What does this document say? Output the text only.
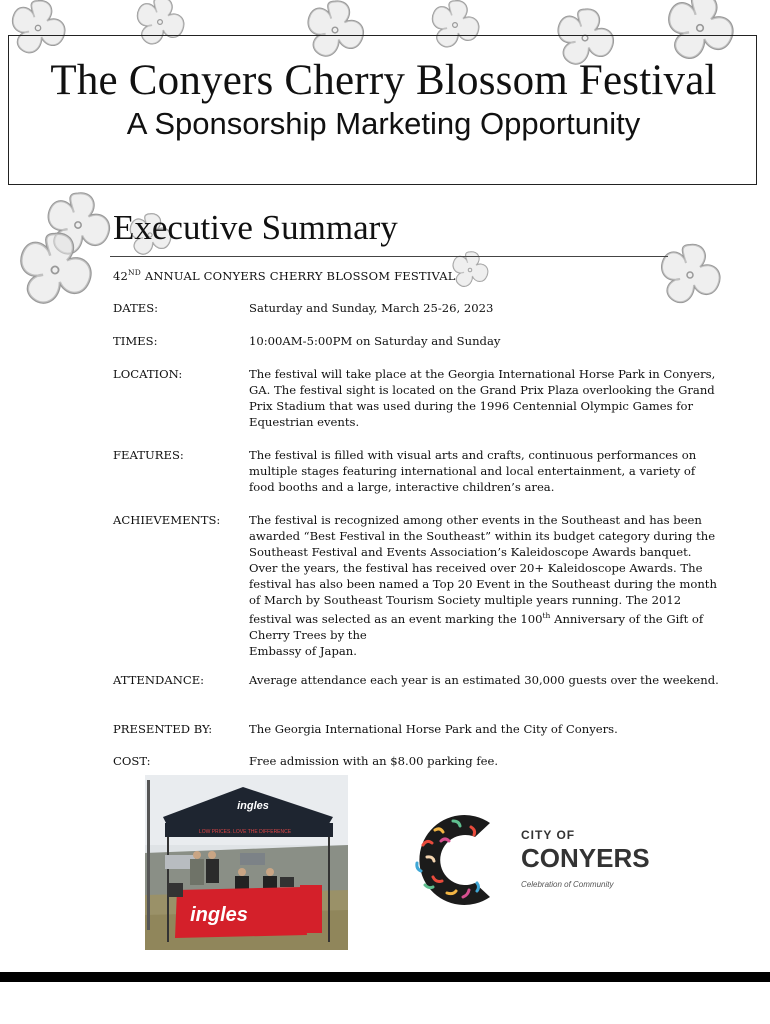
The Conyers Cherry Blossom Festival
A Sponsorship Marketing Opportunity
Executive Summary
42ND ANNUAL CONYERS CHERRY BLOSSOM FESTIVAL
DATES:	Saturday and Sunday, March 25-26, 2023
TIMES:	10:00AM-5:00PM on Saturday and Sunday
LOCATION:	The festival will take place at the Georgia International Horse Park in Conyers, GA. The festival sight is located on the Grand Prix Plaza overlooking the Grand Prix Stadium that was used during the 1996 Centennial Olympic Games for Equestrian events.
FEATURES:	The festival is filled with visual arts and crafts, continuous performances on multiple stages featuring international and local entertainment, a variety of food booths and a large, interactive children’s area.
ACHIEVEMENTS:	The festival is recognized among other events in the Southeast and has been awarded “Best Festival in the Southeast” within its budget category during the Southeast Festival and Events Association’s Kaleidoscope Awards banquet. Over the years, the festival has received over 20+ Kaleidoscope Awards. The festival has also been named a Top 20 Event in the Southeast during the month of March by Southeast Tourism Society multiple years running. The 2012 festival was selected as an event marking the 100th Anniversary of the Gift of Cherry Trees by the
Embassy of Japan.
ATTENDANCE:	Average attendance each year is an estimated 30,000 guests over the weekend.
PRESENTED BY:	The Georgia International Horse Park and the City of Conyers.
COST:	Free admission with an $8.00 parking fee.
ingles
LOW PRICES. LOVE THE DIFFERENCE
ingles
CITY OF
CONYERS
Celebration of Community
